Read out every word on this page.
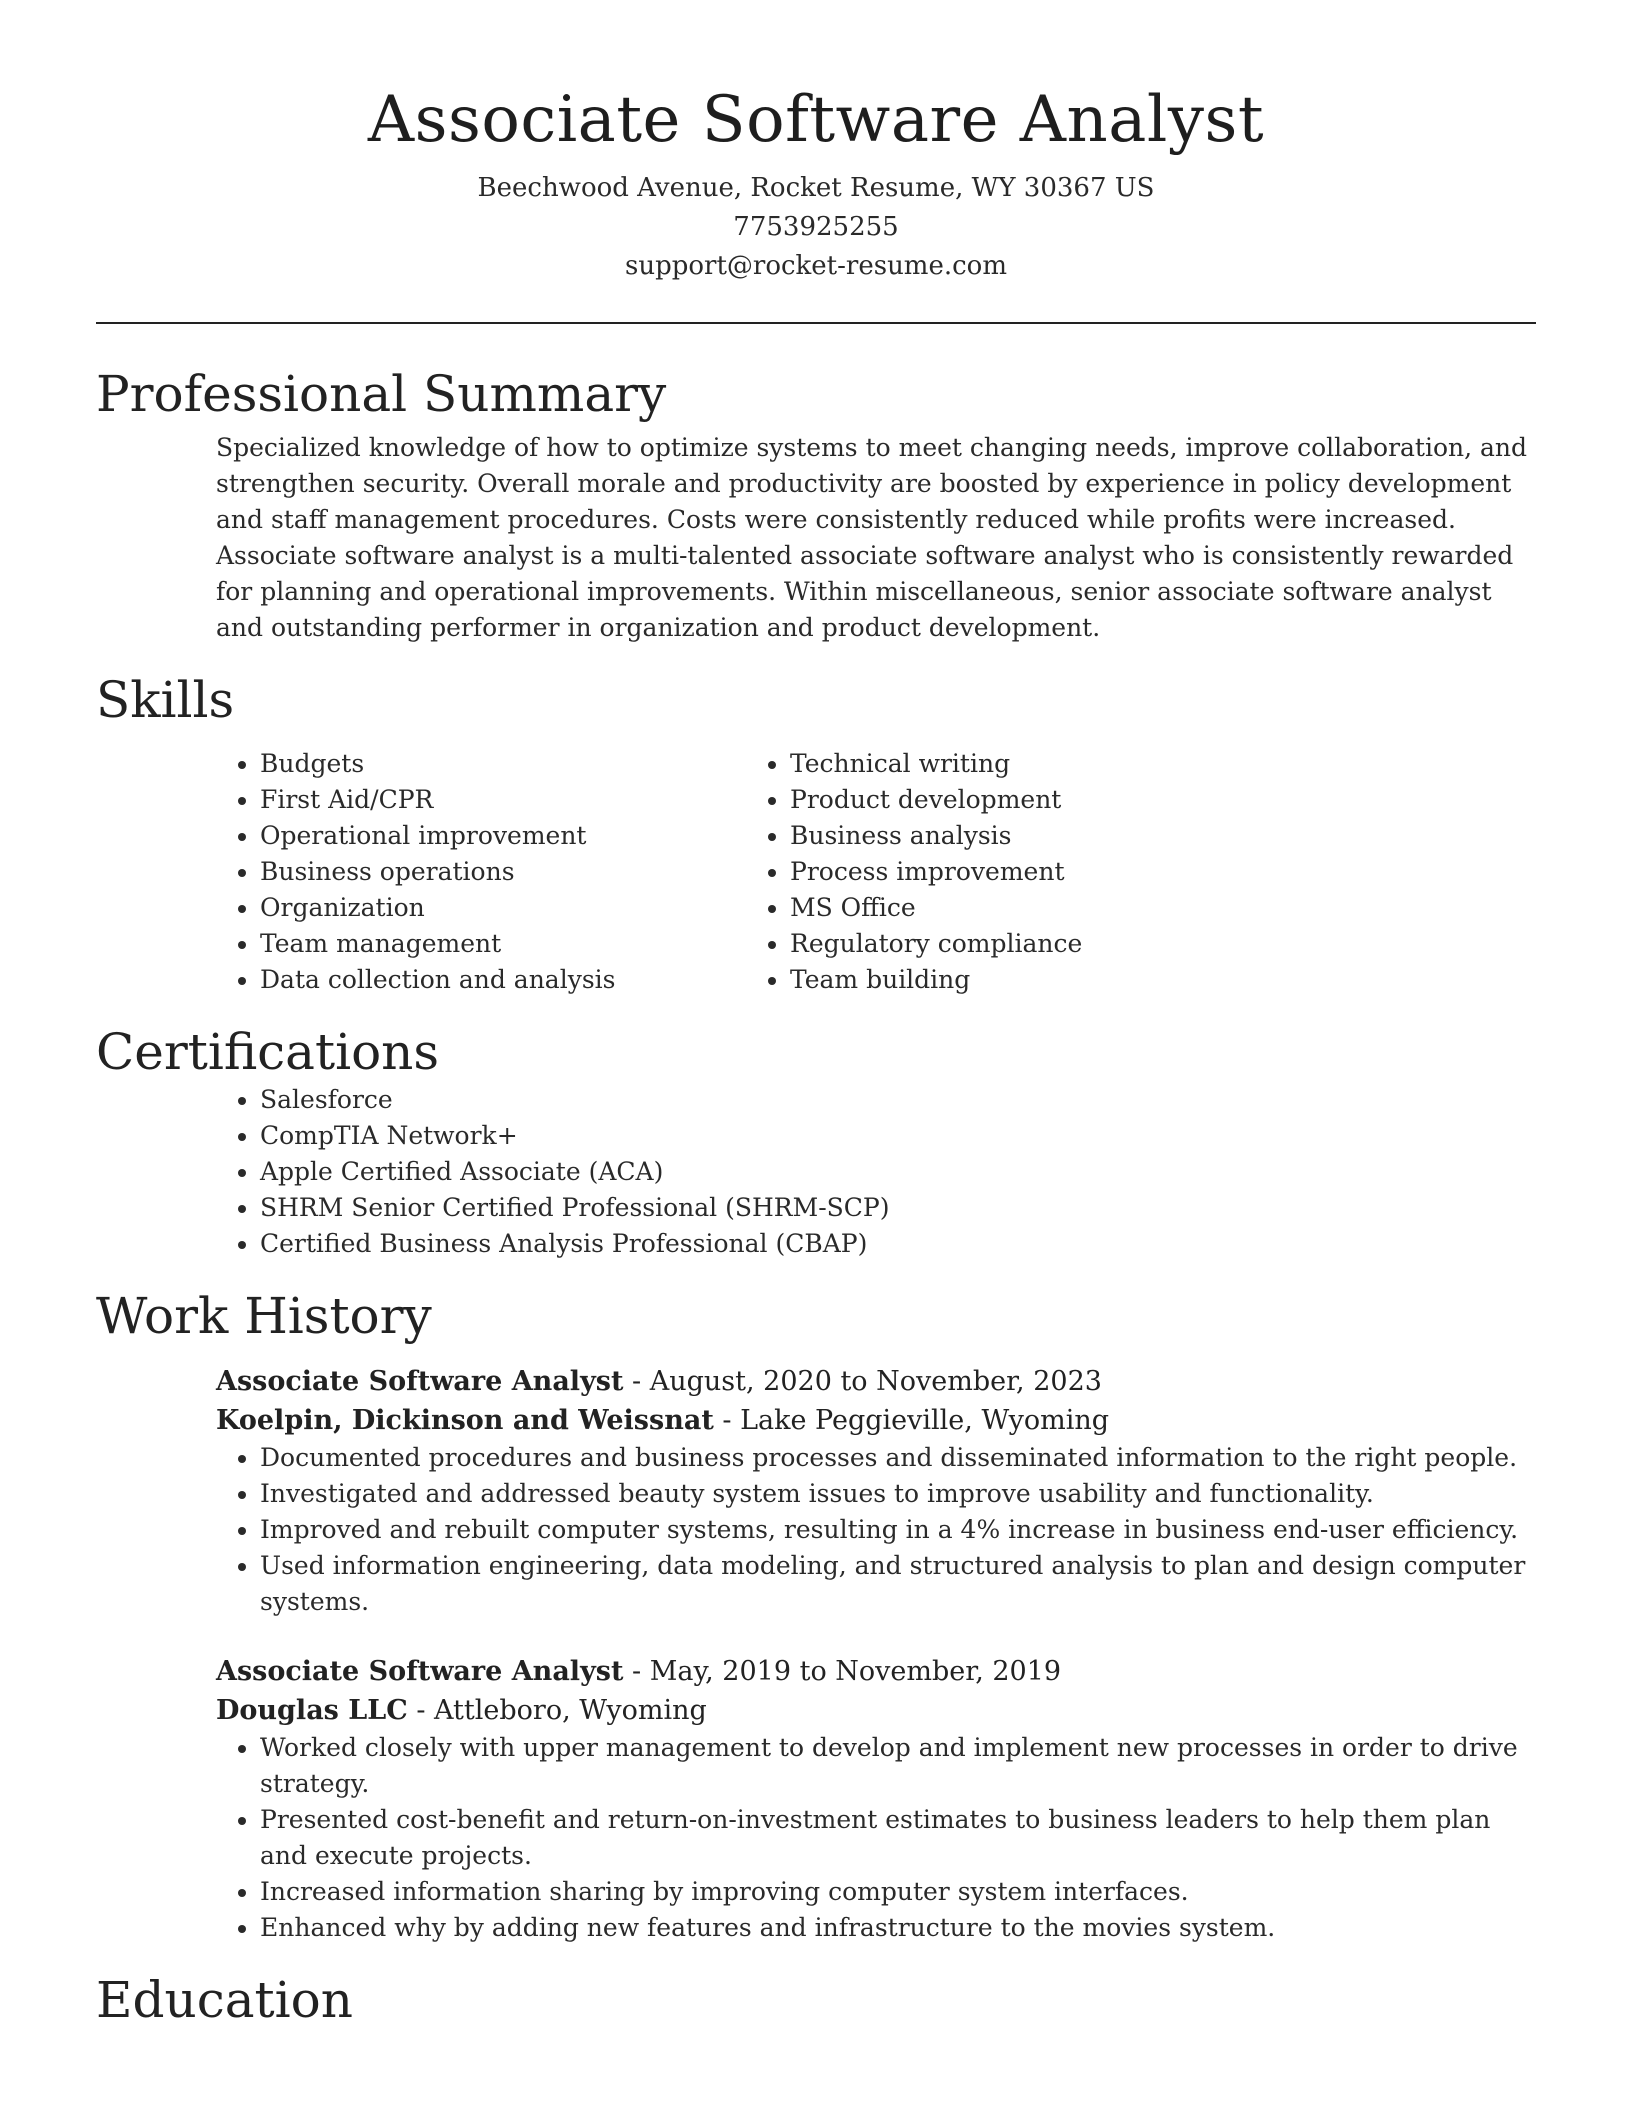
Associate Software Analyst
Beechwood Avenue, Rocket Resume, WY 30367 US
7753925255
support@rocket-resume.com
Professional Summary

Specialized knowledge of how to optimize systems to meet changing needs, improve collaboration, and strengthen security. Overall morale and productivity are boosted by experience in policy development and staff management procedures. Costs were consistently reduced while profits were increased. Associate software analyst is a multi-talented associate software analyst who is consistently rewarded for planning and operational improvements. Within miscellaneous, senior associate software analyst and outstanding performer in organization and product development.

Skills
• Budgets
• First Aid/CPR
• Operational improvement
• Business operations
• Organization
• Team management
• Data collection and analysis
• Technical writing
• Product development
• Business analysis
• Process improvement
• MS Office
• Regulatory compliance
• Team building
Certifications
• Salesforce
• CompTIA Network+
• Apple Certified Associate (ACA)
• SHRM Senior Certified Professional (SHRM-SCP)
• Certified Business Analysis Professional (CBAP)
Work History
Associate Software Analyst - August, 2020 to November, 2023
Koelpin, Dickinson and Weissnat - Lake Peggieville, Wyoming
• Documented procedures and business processes and disseminated information to the right people.
• Investigated and addressed beauty system issues to improve usability and functionality.
• Improved and rebuilt computer systems, resulting in a 4% increase in business end-user efficiency.
• Used information engineering, data modeling, and structured analysis to plan and design computer systems.
Associate Software Analyst - May, 2019 to November, 2019
Douglas LLC - Attleboro, Wyoming
• Worked closely with upper management to develop and implement new processes in order to drive strategy.
• Presented cost-benefit and return-on-investment estimates to business leaders to help them plan and execute projects.
• Increased information sharing by improving computer system interfaces.
• Enhanced why by adding new features and infrastructure to the movies system.
Education
